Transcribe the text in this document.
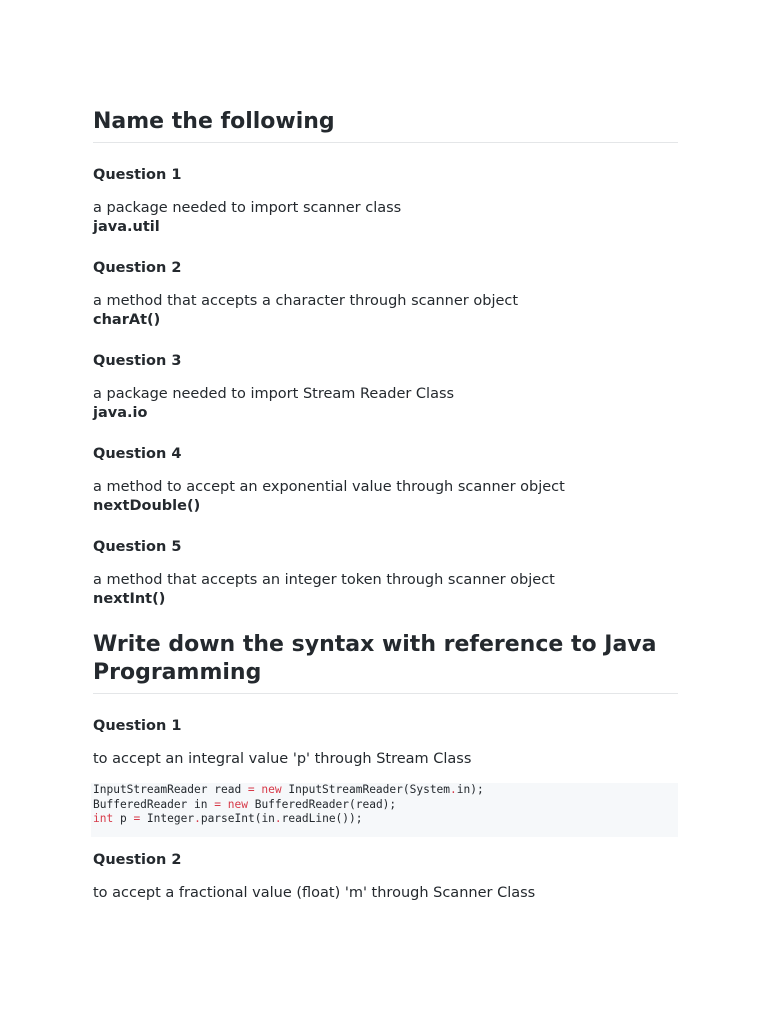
Name the following

Question 1

a package needed to import scanner class

java.util

Question 2

a method that accepts a character through scanner object

charAt()

Question 3

a package needed to import Stream Reader Class

java.io

Question 4

a method to accept an exponential value through scanner object

nextDouble()

Question 5

a method that accepts an integer token through scanner object

nextInt()

Write down the syntax with reference to Java Programming

Question 1

to accept an integral value 'p' through Stream Class

InputStreamReader read = new InputStreamReader(System.in);
BufferedReader in = new BufferedReader(read);
int p = Integer.parseInt(in.readLine());

Question 2

to accept a fractional value (float) 'm' through Scanner Class
